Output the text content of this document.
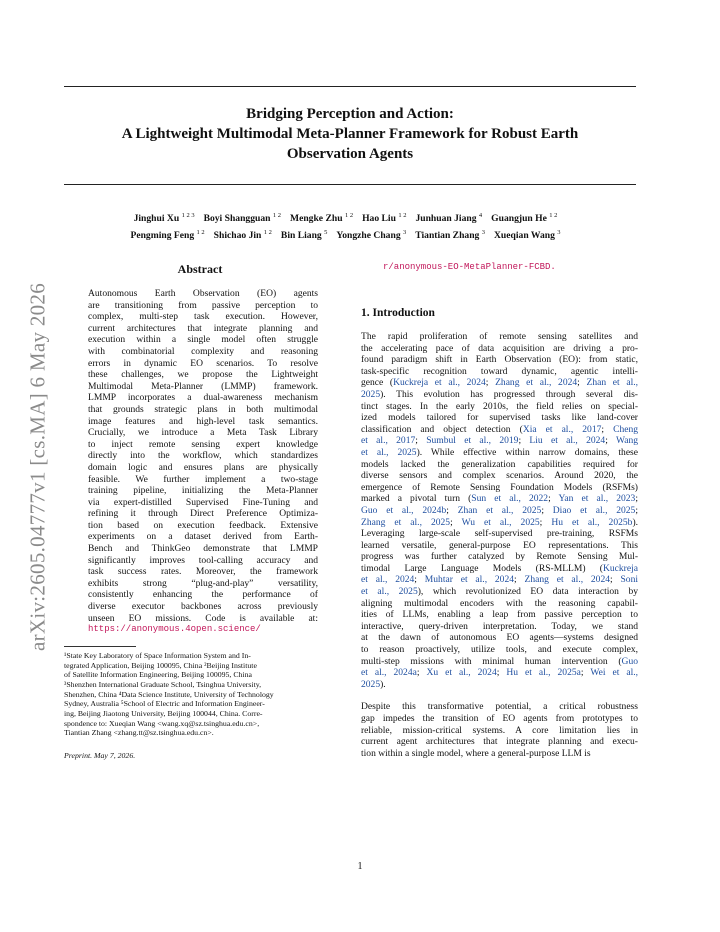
Bridging Perception and Action:
A Lightweight Multimodal Meta-Planner Framework for Robust Earth
Observation Agents
Jinghui Xu $^{1 2 3}$ Boyi Shangguan $^{1 2}$ Mengke Zhu $^{1 2}$ Hao Liu $^{1 2}$ Junhuan Jiang $^4$ Guangjun He $^{1 2}$
Pengming Feng $^{1 2}$ Shichao Jin $^{1 2}$ Bin Liang $^5$ Yongzhe Chang $^3$ Tiantian Zhang $^3$ Xueqian Wang $^3$
arXiv:2605.04777v1 [cs.MA] 6 May 2026
Abstract
Autonomous Earth Observation (EO) agents
are transitioning from passive perception to
complex, multi-step task execution. However,
current architectures that integrate planning and
execution within a single model often struggle
with combinatorial complexity and reasoning
errors in dynamic EO scenarios. To resolve
these challenges, we propose the Lightweight
Multimodal Meta-Planner (LMMP) framework.
LMMP incorporates a dual-awareness mechanism
that grounds strategic plans in both multimodal
image features and high-level task semantics.
Crucially, we introduce a Meta Task Library
to inject remote sensing expert knowledge
directly into the workflow, which standardizes
domain logic and ensures plans are physically
feasible. We further implement a two-stage
training pipeline, initializing the Meta-Planner
via expert-distilled Supervised Fine-Tuning and
refining it through Direct Preference Optimiza-
tion based on execution feedback. Extensive
experiments on a dataset derived from Earth-
Bench and ThinkGeo demonstrate that LMMP
significantly improves tool-calling accuracy and
task success rates. Moreover, the framework
exhibits strong “plug-and-play” versatility,
consistently enhancing the performance of
diverse executor backbones across previously
unseen EO missions. Code is available at:
https://anonymous.4open.science/
¹State Key Laboratory of Space Information System and In-
tegrated Application, Beijing 100095, China ²Beijing Institute
of Satellite Information Engineering, Beijing 100095, China
³Shenzhen International Graduate School, Tsinghua University,
Shenzhen, China ⁴Data Science Institute, University of Technology
Sydney, Australia ⁵School of Electric and Information Engineer-
ing, Beijing Jiaotong University, Beijing 100044, China. Corre-
spondence to: Xueqian Wang <wang.xq@sz.tsinghua.edu.cn>,
Tiantian Zhang <zhang.tt@sz.tsinghua.edu.cn>.
Preprint. May 7, 2026.
r/anonymous-EO-MetaPlanner-FCBD.
1. Introduction
The rapid proliferation of remote sensing satellites and
the accelerating pace of data acquisition are driving a pro-
found paradigm shift in Earth Observation (EO): from static,
task-specific recognition toward dynamic, agentic intelli-
gence (Kuckreja et al., 2024; Zhang et al., 2024; Zhan et al.,
2025). This evolution has progressed through several dis-
tinct stages. In the early 2010s, the field relies on special-
ized models tailored for supervised tasks like land-cover
classification and object detection (Xia et al., 2017; Cheng
et al., 2017; Sumbul et al., 2019; Liu et al., 2024; Wang
et al., 2025). While effective within narrow domains, these
models lacked the generalization capabilities required for
diverse sensors and complex scenarios. Around 2020, the
emergence of Remote Sensing Foundation Models (RSFMs)
marked a pivotal turn (Sun et al., 2022; Yan et al., 2023;
Guo et al., 2024b; Zhan et al., 2025; Diao et al., 2025;
Zhang et al., 2025; Wu et al., 2025; Hu et al., 2025b).
Leveraging large-scale self-supervised pre-training, RSFMs
learned versatile, general-purpose EO representations. This
progress was further catalyzed by Remote Sensing Mul-
timodal Large Language Models (RS-MLLM) (Kuckreja
et al., 2024; Muhtar et al., 2024; Zhang et al., 2024; Soni
et al., 2025), which revolutionized EO data interaction by
aligning multimodal encoders with the reasoning capabil-
ities of LLMs, enabling a leap from passive perception to
interactive, query-driven interpretation. Today, we stand
at the dawn of autonomous EO agents—systems designed
to reason proactively, utilize tools, and execute complex,
multi-step missions with minimal human intervention (Guo
et al., 2024a; Xu et al., 2024; Hu et al., 2025a; Wei et al.,
2025).
Despite this transformative potential, a critical robustness
gap impedes the transition of EO agents from prototypes to
reliable, mission-critical systems. A core limitation lies in
current agent architectures that integrate planning and execu-
tion within a single model, where a general-purpose LLM is
1
